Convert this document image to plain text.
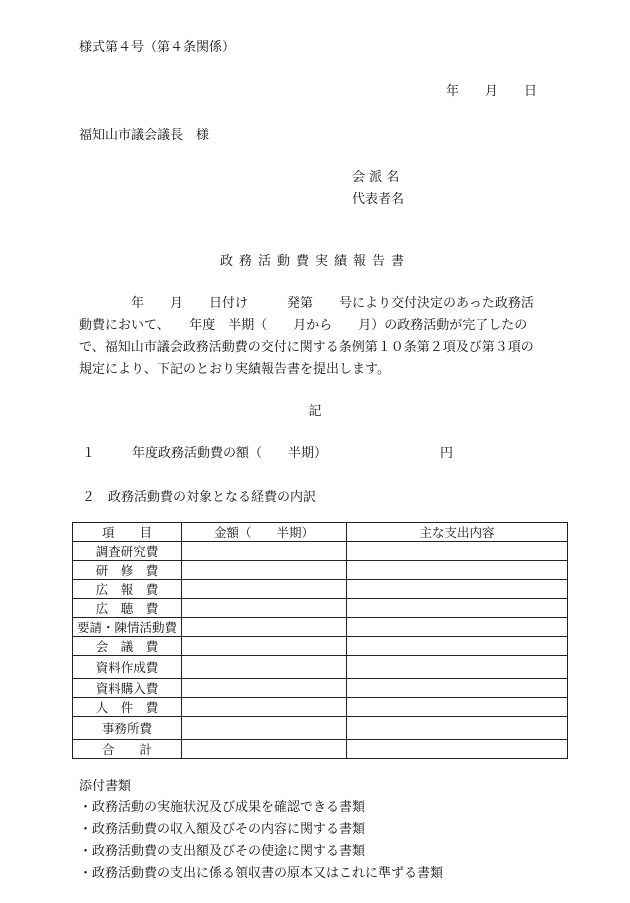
様式第４号（第４条関係）
年 月 日
福知山市議会議長　様
会 派 名
代表者名
政務活動費実績報告書
　　　　年　　月　　日付け　　　発第　　号により交付決定のあった政務活
動費において、　　年度　半期（　　月から　　月）の政務活動が完了したの
で、福知山市議会政務活動費の交付に関する条例第１０条第２項及び第３項の
規定により、下記のとおり実績報告書を提出します。
記
１	年度政務活動費の額（　　半期）	円
２　政務活動費の対象となる経費の内訳
項　　目	金額（　　半期）	主な支出内容
調査研究費		
研　修　費		
広　報　費		
広　聴　費		
要請・陳情活動費		
会　議　費		
資料作成費		
資料購入費		
人　件　費		
事務所費		
合　　計		
添付書類
・政務活動の実施状況及び成果を確認できる書類
・政務活動費の収入額及びその内容に関する書類
・政務活動費の支出額及びその使途に関する書類
・政務活動費の支出に係る領収書の原本又はこれに準ずる書類
